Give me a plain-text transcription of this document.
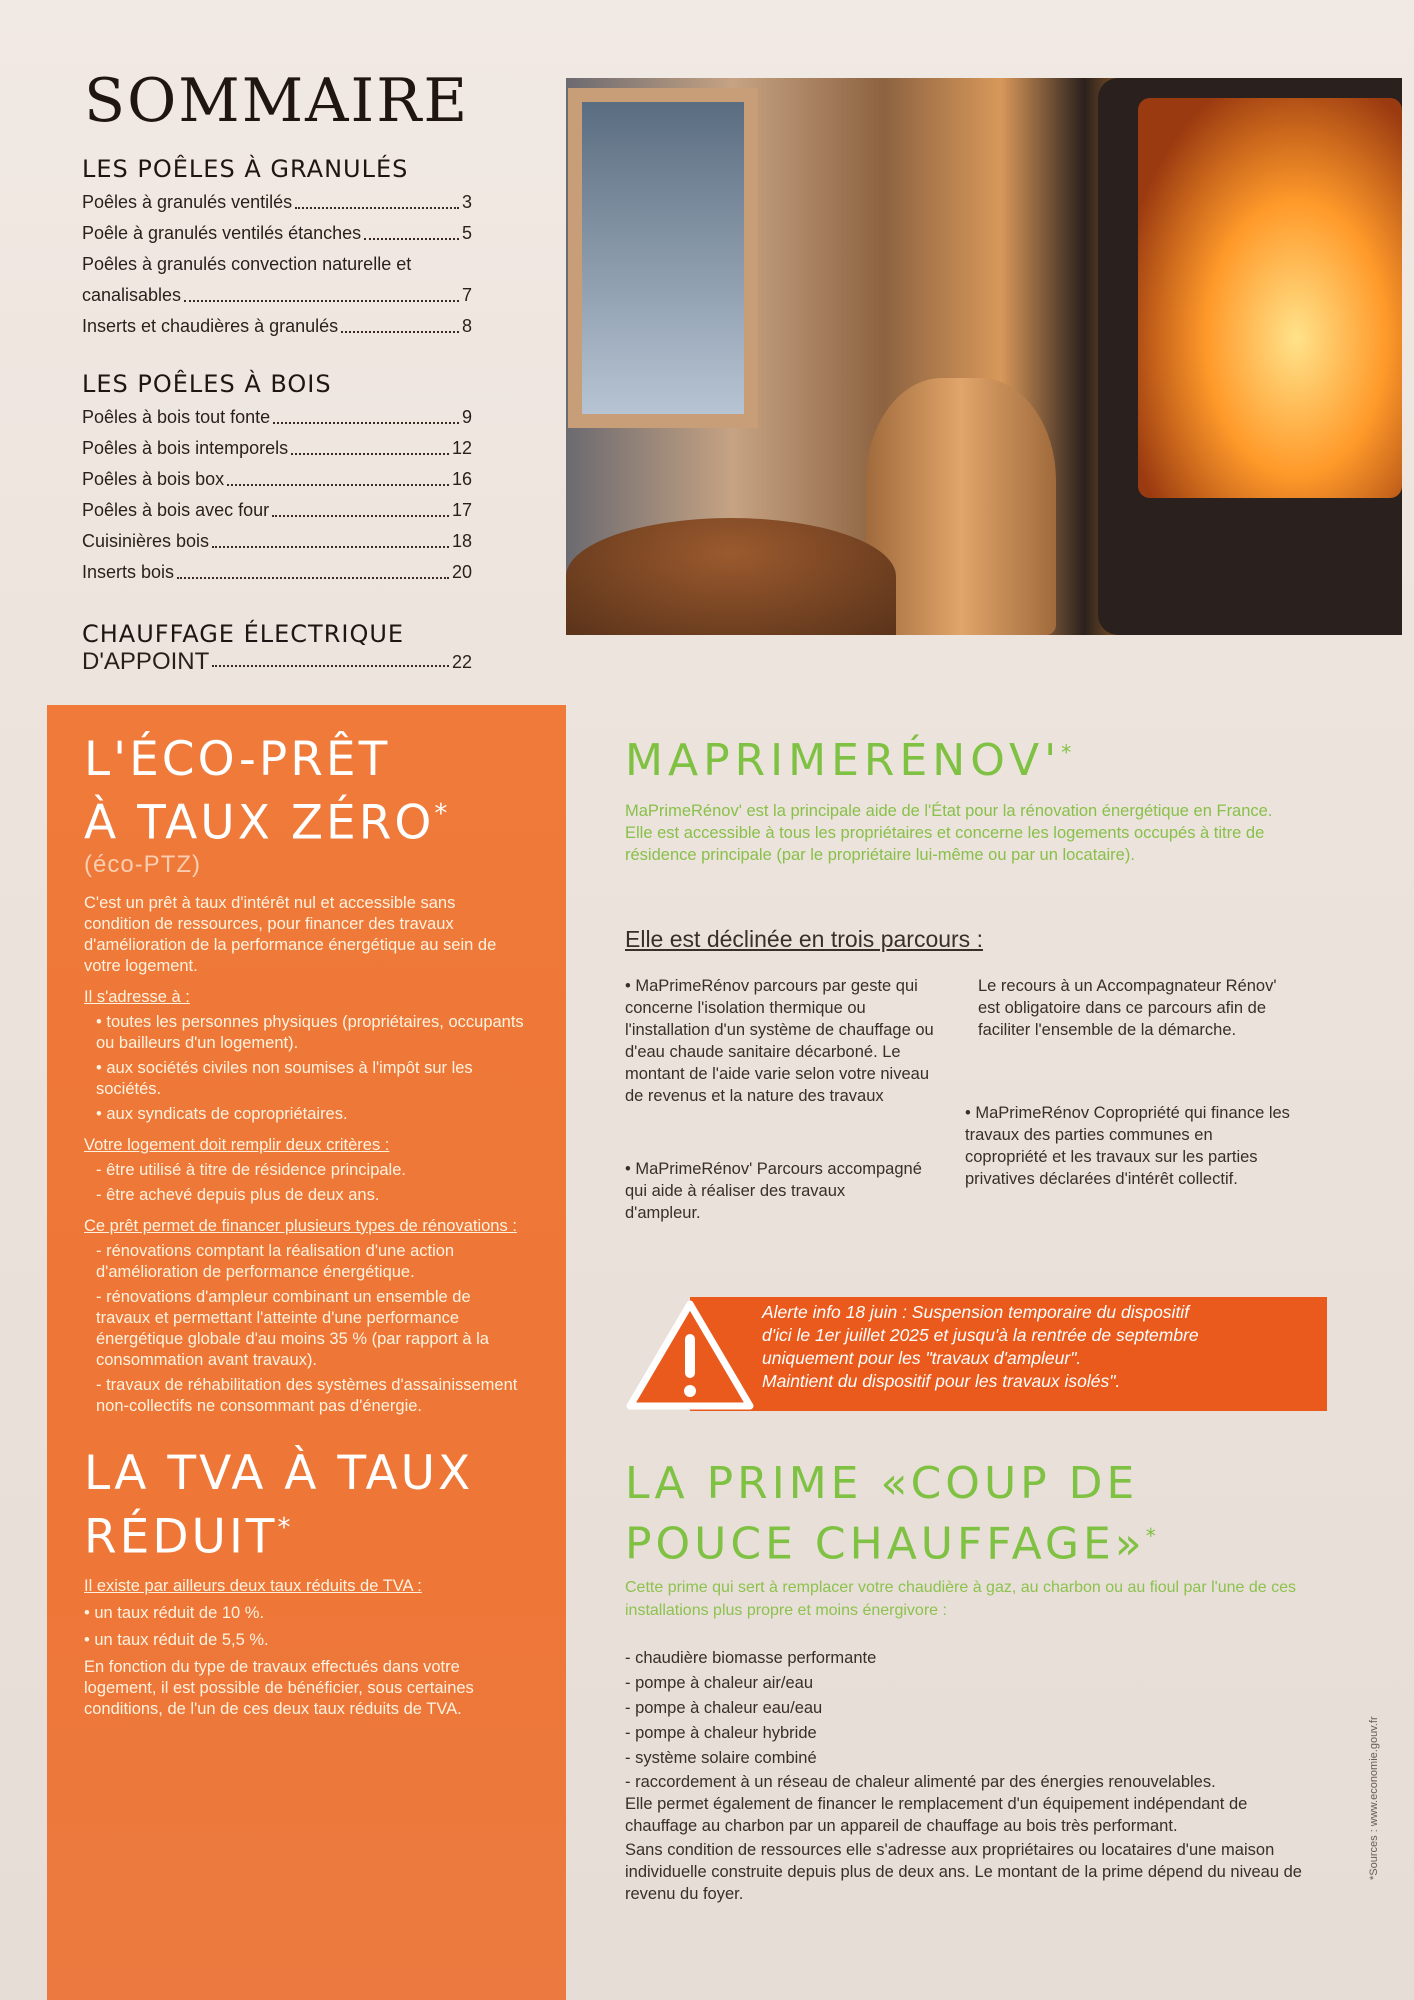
SOMMAIRE
LES POÊLES À GRANULÉS
Poêles à granulés ventilés	3
Poêle à granulés ventilés étanches	5
Poêles à granulés convection naturelle et
canalisables	7
Inserts et chaudières à granulés	8
LES POÊLES À BOIS
Poêles à bois tout fonte	9
Poêles à bois intemporels	12
Poêles à bois box	16
Poêles à bois avec four	17
Cuisinières bois	18
Inserts bois	20
CHAUFFAGE ÉLECTRIQUE
D'APPOINT	22
L'ÉCO-PRÊT
À TAUX ZÉRO*
(éco-PTZ)

C'est un prêt à taux d'intérêt nul et accessible sans condition de ressources, pour financer des travaux d'amélioration de la performance énergétique au sein de votre logement.

Il s'adresse à :

• toutes les personnes physiques (propriétaires, occupants ou bailleurs d'un logement).

• aux sociétés civiles non soumises à l'impôt sur les sociétés.

• aux syndicats de copropriétaires.

Votre logement doit remplir deux critères :

- être utilisé à titre de résidence principale.

- être achevé depuis plus de deux ans.

Ce prêt permet de financer plusieurs types de rénovations :

- rénovations comptant la réalisation d'une action d'amélioration de performance énergétique.

- rénovations d'ampleur combinant un ensemble de travaux et permettant l'atteinte d'une performance énergétique globale d'au moins 35 % (par rapport à la consommation avant travaux).

- travaux de réhabilitation des systèmes d'assainissement non-collectifs ne consommant pas d'énergie.

LA TVA À TAUX
RÉDUIT*
Il existe par ailleurs deux taux réduits de TVA :

• un taux réduit de 10 %.

• un taux réduit de 5,5 %.

En fonction du type de travaux effectués dans votre logement, il est possible de bénéficier, sous certaines conditions, de l'un de ces deux taux réduits de TVA.

MAPRIMERÉNOV'*

MaPrimeRénov' est la principale aide de l'État pour la rénovation énergétique en France. Elle est accessible à tous les propriétaires et concerne les logements occupés à titre de résidence principale (par le propriétaire lui-même ou par un locataire).

Elle est déclinée en trois parcours :

• MaPrimeRénov parcours par geste qui concerne l'isolation thermique ou l'installation d'un système de chauffage ou d'eau chaude sanitaire décarboné. Le montant de l'aide varie selon votre niveau de revenus et la nature des travaux

• MaPrimeRénov' Parcours accompagné qui aide à réaliser des travaux d'ampleur.

Le recours à un Accompagnateur Rénov' est obligatoire dans ce parcours afin de faciliter l'ensemble de la démarche.

• MaPrimeRénov Copropriété qui finance les travaux des parties communes en copropriété et les travaux sur les parties privatives déclarées d'intérêt collectif.

Alerte info 18 juin : Suspension temporaire du dispositif
d'ici le 1er juillet 2025 et jusqu'à la rentrée de septembre
uniquement pour les "travaux d'ampleur".
Maintient du dispositif pour les travaux isolés".
LA PRIME «COUP DE
POUCE CHAUFFAGE»*

Cette prime qui sert à remplacer votre chaudière à gaz, au charbon ou au fioul par l'une de ces installations plus propre et moins énergivore :

- chaudière biomasse performante
- pompe à chaleur air/eau
- pompe à chaleur eau/eau
- pompe à chaleur hybride
- système solaire combiné
- raccordement à un réseau de chaleur alimenté par des énergies renouvelables.
Elle permet également de financer le remplacement d'un équipement indépendant de chauffage au charbon par un appareil de chauffage au bois très performant.
Sans condition de ressources elle s'adresse aux propriétaires ou locataires d'une maison individuelle construite depuis plus de deux ans. Le montant de la prime dépend du niveau de revenu du foyer.
*Sources : www.economie.gouv.fr
